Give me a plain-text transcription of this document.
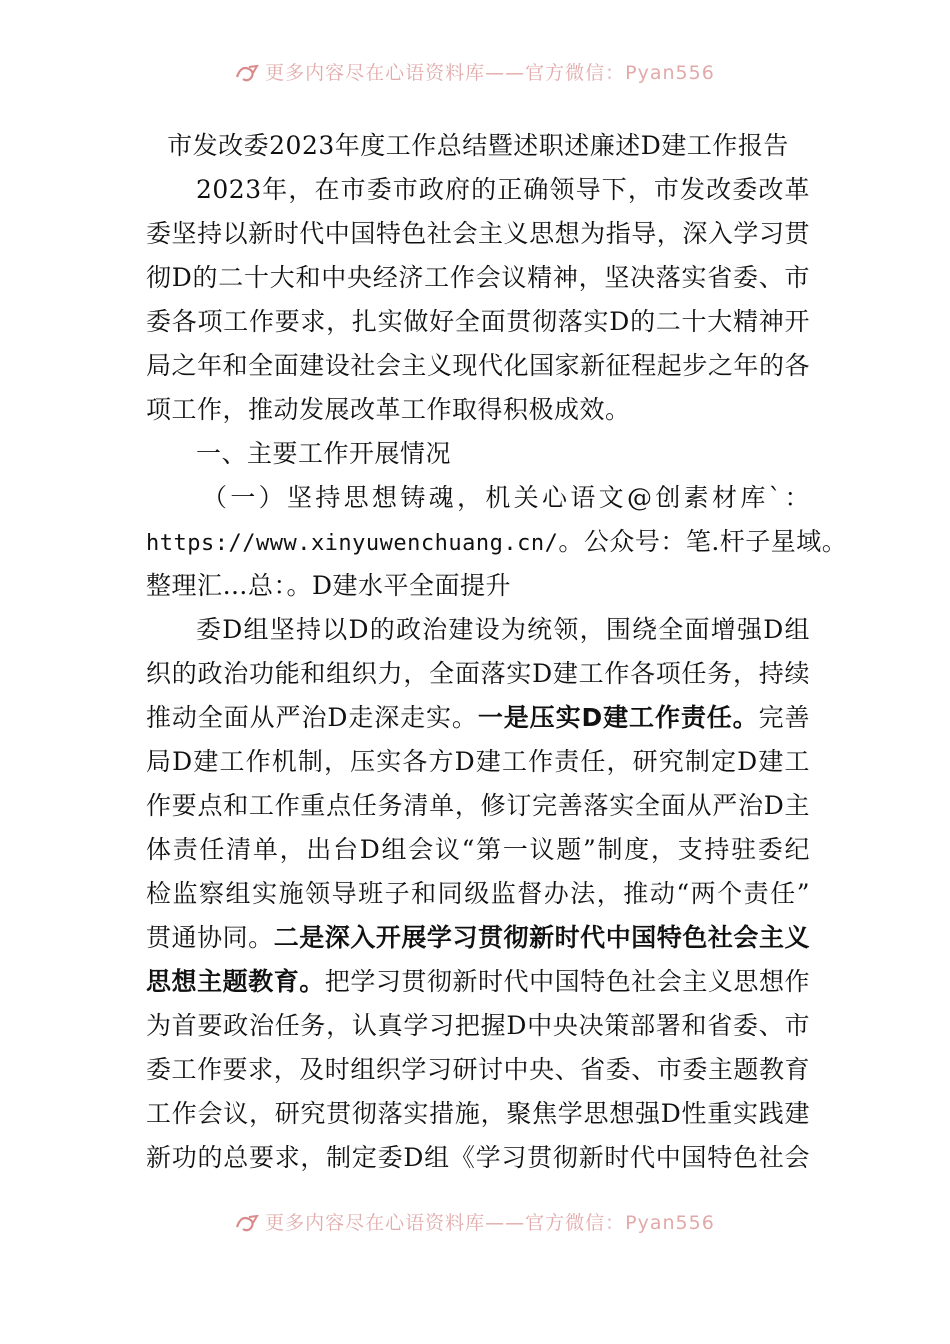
更多内容尽在心语资料库——官方微信：Pyan556
市发改委2023年度工作总结暨述职述廉述D建工作报告
2023年，在市委市政府的正确领导下，市发改委改革
委坚持以新时代中国特色社会主义思想为指导，深入学习贯
彻D的二十大和中央经济工作会议精神，坚决落实省委、市
委各项工作要求，扎实做好全面贯彻落实D的二十大精神开
局之年和全面建设社会主义现代化国家新征程起步之年的各
项工作，推动发展改革工作取得积极成效。
一、主要工作开展情况
（一）坚持思想铸魂，机关心语文@创素材库`：
https://www.xinyuwenchuang.cn/。公众号：笔.杆子星域。
整理汇…总：。D建水平全面提升
委D组坚持以D的政治建设为统领，围绕全面增强D组
织的政治功能和组织力，全面落实D建工作各项任务，持续
推动全面从严治D走深走实。一是压实D建工作责任。完善
局D建工作机制，压实各方D建工作责任，研究制定D建工
作要点和工作重点任务清单，修订完善落实全面从严治D主
体责任清单，出台D组会议“第一议题”制度，支持驻委纪
检监察组实施领导班子和同级监督办法，推动“两个责任”
贯通协同。二是深入开展学习贯彻新时代中国特色社会主义
思想主题教育。把学习贯彻新时代中国特色社会主义思想作
为首要政治任务，认真学习把握D中央决策部署和省委、市
委工作要求，及时组织学习研讨中央、省委、市委主题教育
工作会议，研究贯彻落实措施，聚焦学思想强D性重实践建
新功的总要求，制定委D组《学习贯彻新时代中国特色社会
更多内容尽在心语资料库——官方微信：Pyan556
